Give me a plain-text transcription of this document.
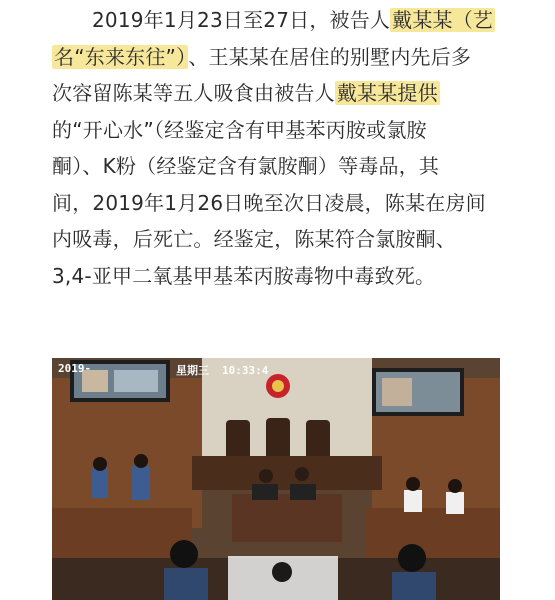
2019年1月23日至27日，被告人 戴某某（艺
名“东来东往”） 、王某某在居住的别墅内先后多
次容留陈某等五人吸食由被告人 戴某某提供
的“开心水”（经鉴定含有甲基苯丙胺或氯胺
酮）、K粉（经鉴定含有氯胺酮）等毒品，其
间，2019年1月26日晚至次日凌晨，陈某在房间
内吸毒，后死亡。经鉴定，陈某符合氯胺酮、
3,4-亚甲二氧基甲基苯丙胺毒物中毒致死。
2019-	星期三 10:33:4
